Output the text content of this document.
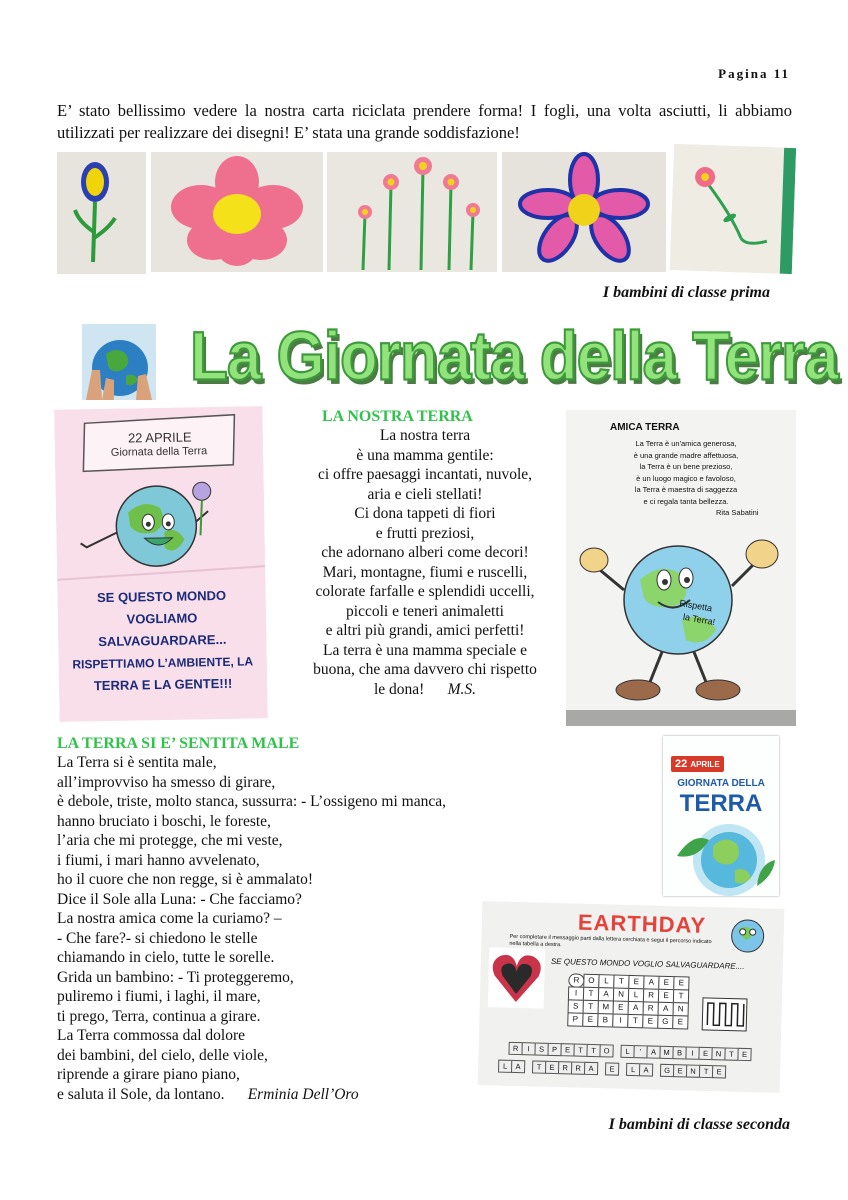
Pagina 11
E’ stato bellissimo vedere la nostra carta riciclata prendere forma! I fogli, una volta asciutti, li abbiamo utilizzati per realizzare dei disegni! E’ stata una grande soddisfazione!
I bambini di classe prima
La Giornata della Terra
22 APRILE
Giornata della Terra
SE QUESTO MONDO
VOGLIAMO
SALVAGUARDARE...
RISPETTIAMO L’AMBIENTE, LA
TERRA E LA GENTE!!!
LA NOSTRA TERRA
La nostra terra
è una mamma gentile:
ci offre paesaggi incantati, nuvole,
aria e cieli stellati!
Ci dona tappeti di fiori
e frutti preziosi,
che adornano alberi come decori!
Mari, montagne, fiumi e ruscelli,
colorate farfalle e splendidi uccelli,
piccoli e teneri animaletti
e altri più grandi, amici perfetti!
La terra è una mamma speciale e
buona, che ama davvero chi rispetto
le dona! M.S.
AMICA TERRA
La Terra è un'amica generosa,
è una grande madre affettuosa,
la Terra è un bene prezioso,
è un luogo magico e favoloso,
la Terra è maestra di saggezza
e ci regala tanta bellezza.
Rita Sabatini
Rispetta
la Terra!
LA TERRA SI E’ SENTITA MALE
La Terra si è sentita male,
all’improvviso ha smesso di girare,
è debole, triste, molto stanca, sussurra: - L’ossigeno mi manca,
hanno bruciato i boschi, le foreste,
l’aria che mi protegge, che mi veste,
i fiumi, i mari hanno avvelenato,
ho il cuore che non regge, si è ammalato!
Dice il Sole alla Luna: - Che facciamo?
La nostra amica come la curiamo? –
- Che fare?- si chiedono le stelle
chiamando in cielo, tutte le sorelle.
Grida un bambino: - Ti proteggeremo,
puliremo i fiumi, i laghi, il mare,
ti prego, Terra, continua a girare.
La Terra commossa dal dolore
dei bambini, del cielo, delle viole,
riprende a girare piano piano,
e saluta il Sole, da lontano. Erminia Dell’Oro
22 APRILE
GIORNATA DELLA
TERRA
EARTHDAY
Per completare il messaggio parti dalla lettera cerchiata e segui il percorso indicato nella tabella a destra.
SE QUESTO MONDO VOGLIO SALVAGUARDARE....
R	O	L	T	E	A	E	E
I	T	A	N	L	R	E	T
S	T	M	E	A	R	A	N
P	E	B	I	T	E	G	E
R	I	S	P	E	T	T	O	L	’	A M B	I	E	N	T	E
L	A	T	E	R R	A	E	L	A	G E	N	T	E
I bambini di classe seconda
